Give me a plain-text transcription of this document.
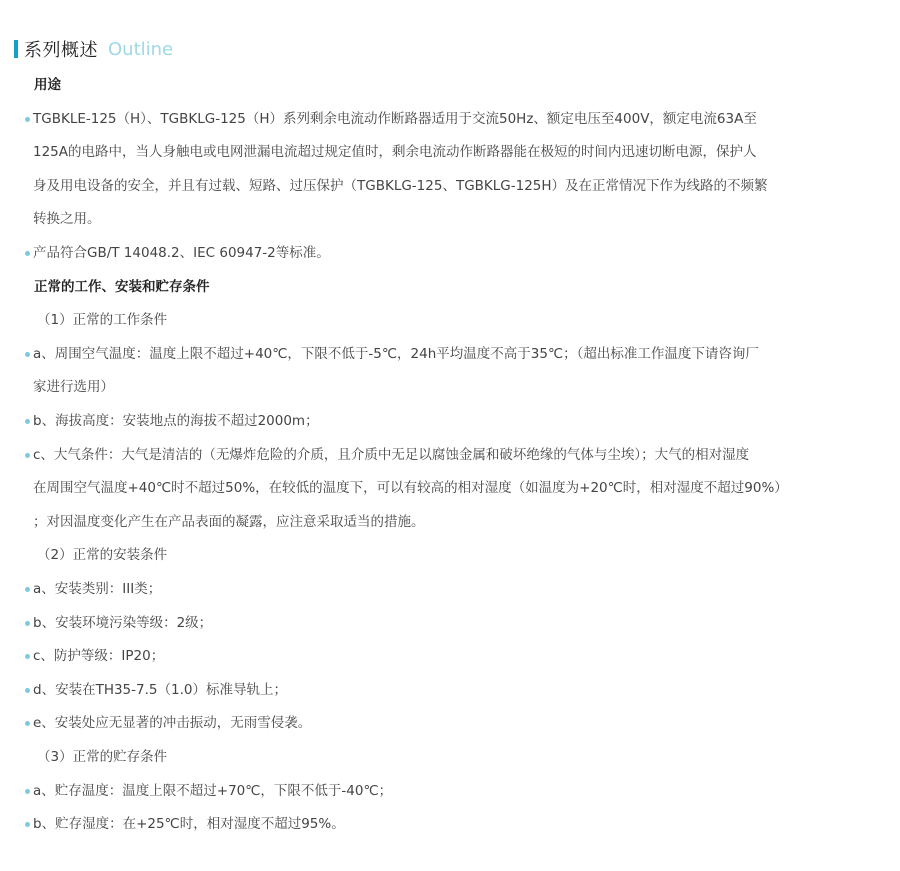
系列概述 Outline
用途
TGBKLE-125（H）、TGBKLG-125（H）系列剩余电流动作断路器适用于交流50Hz、额定电压至400V，额定电流63A至
125A的电路中，当人身触电或电网泄漏电流超过规定值时，剩余电流动作断路器能在极短的时间内迅速切断电源，保护人
身及用电设备的安全，并且有过载、短路、过压保护（TGBKLG-125、TGBKLG-125H）及在正常情况下作为线路的不频繁
转换之用。
产品符合GB/T 14048.2、IEC 60947-2等标准。
正常的工作、安装和贮存条件
（1）正常的工作条件
a、周围空气温度：温度上限不超过+40℃，下限不低于-5℃，24h平均温度不高于35℃；（超出标准工作温度下请咨询厂
家进行选用）
b、海拔高度：安装地点的海拔不超过2000m；
c、大气条件：大气是清洁的（无爆炸危险的介质，且介质中无足以腐蚀金属和破坏绝缘的气体与尘埃）；大气的相对湿度
在周围空气温度+40℃时不超过50%，在较低的温度下，可以有较高的相对湿度（如温度为+20℃时，相对湿度不超过90%）
；对因温度变化产生在产品表面的凝露，应注意采取适当的措施。
（2）正常的安装条件
a、安装类别：III类；
b、安装环境污染等级：2级；
c、防护等级：IP20；
d、安装在TH35-7.5（1.0）标准导轨上；
e、安装处应无显著的冲击振动，无雨雪侵袭。
（3）正常的贮存条件
a、贮存温度：温度上限不超过+70℃，下限不低于-40℃；
b、贮存湿度：在+25℃时，相对湿度不超过95%。
